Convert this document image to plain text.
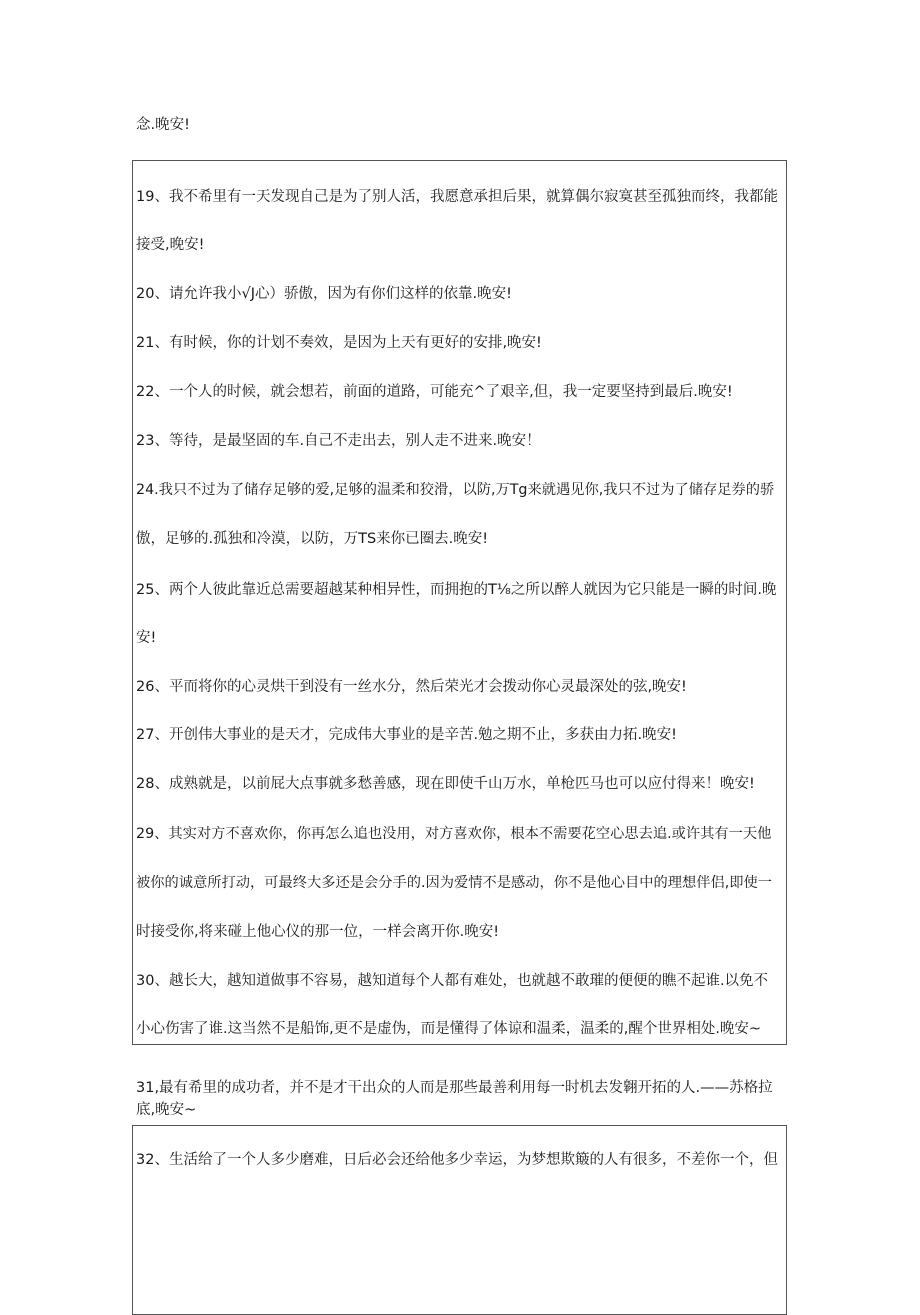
念.晚安!

19、我不希里有一天发现自己是为了别人活，我愿意承担后果，就算偶尔寂寞甚至孤独而终，我都能

接受,晚安!

20、请允许我小√J心）骄傲，因为有你们这样的依靠.晚安!

21、有时候，你的计划不奏效，是因为上天有更好的安排,晚安!

22、一个人的时候，就会想若，前面的道路，可能充^了艰辛,但，我一定要坚持到最后.晚安!

23、等待，是最坚固的车.自己不走出去，别人走不进来.晚安！

24.我只不过为了储存足够的爱,足够的温柔和狡滑，以防,万Tg来就遇见你,我只不过为了储存足券的骄

傲，足够的.孤独和冷漠，以防，万TS来你已圈去.晚安!

25、两个人彼此靠近总需要超越某种相异性，而拥抱的T⅛之所以醉人就因为它只能是一瞬的时间.晚

安!

26、平而将你的心灵烘干到没有一丝水分，然后荣光才会拨动你心灵最深处的弦,晚安!

27、开创伟大事业的是天才，完成伟大事业的是辛苦.勉之期不止，多获由力拓.晚安!

28、成熟就是，以前屁大点事就多愁善感，现在即使千山万水，单枪匹马也可以应付得来！晚安!

29、其实对方不喜欢你，你再怎么追也没用，对方喜欢你，根本不需要花空心思去追.或许其有一天他

被你的诚意所打动，可最终大多还是会分手的.因为爱情不是感动，你不是他心目中的理想伴侣,即使一

时接受你,将来碰上他心仪的那一位，一样会离开你.晚安!

30、越长大，越知道做事不容易，越知道每个人都有难处，也就越不敢璀的便便的瞧不起谁.以免不

小心伤害了谁.这当然不是船饰,更不是虚伪，而是懂得了体谅和温柔，温柔的,醒个世界相处.晚安~

31,最有希里的成功者，并不是才干出众的人而是那些最善利用每一时机去发翱开拓的人.——苏格拉底,晚安~

32、生活给了一个人多少磨难，日后必会还给他多少幸运，为梦想欺簸的人有很多，不差你一个，但
